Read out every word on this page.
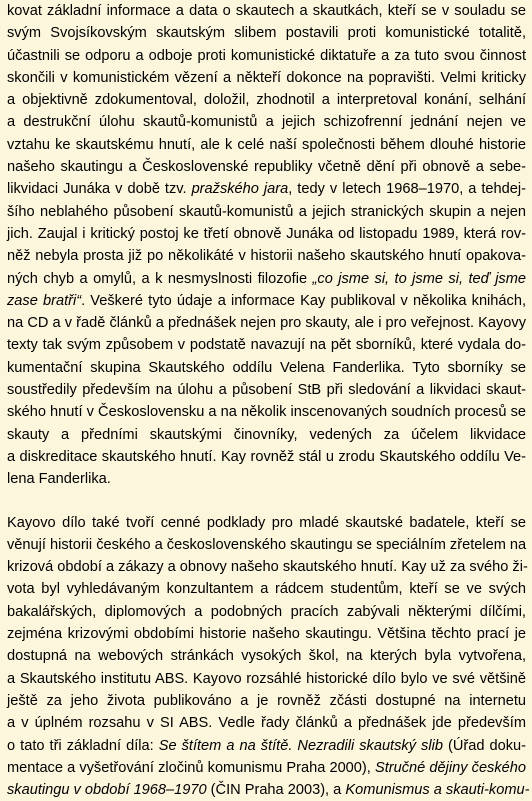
kovat základní informace a data o skautech a skautkách, kteří se v souladu se
svým Svojsíkovským skautským slibem postavili proti komunistické totalitě,
účastnili se odporu a odboje proti komunistické diktatuře a za tuto svou činnost
skončili v komunistickém vězení a někteří dokonce na popravišti. Velmi kriticky
a objektivně zdokumentoval, doložil, zhodnotil a interpretoval konání, selhání
a destrukční úlohu skautů-komunistů a jejich schizofrenní jednání nejen ve
vztahu ke skautskému hnutí, ale k celé naší společnosti během dlouhé historie
našeho skautingu a Československé republiky včetně dění při obnově a sebe-
likvidaci Junáka v době tzv. pražského jara, tedy v letech 1968–1970, a tehdej-
šího neblahého působení skautů-komunistů a jejich stranických skupin a nejen
jich. Zaujal i kritický postoj ke třetí obnově Junáka od listopadu 1989, která rov-
něž nebyla prosta již po několikáté v historii našeho skautského hnutí opakova-
ných chyb a omylů, a k nesmyslnosti filozofie „co jsme si, to jsme si, teď jsme
zase bratři“. Veškeré tyto údaje a informace Kay publikoval v několika knihách,
na CD a v řadě článků a přednášek nejen pro skauty, ale i pro veřejnost. Kayovy
texty tak svým způsobem v podstatě navazují na pět sborníků, které vydala do-
kumentační skupina Skautského oddílu Velena Fanderlika. Tyto sborníky se
soustředily především na úlohu a působení StB při sledování a likvidaci skaut-
ského hnutí v Československu a na několik inscenovaných soudních procesů se
skauty a předními skautskými činovníky, vedených za účelem likvidace
a diskreditace skautského hnutí. Kay rovněž stál u zrodu Skautského oddílu Ve-
lena Fanderlika.
Kayovo dílo také tvoří cenné podklady pro mladé skautské badatele, kteří se
věnují historii českého a československého skautingu se speciálním zřetelem na
krizová období a zákazy a obnovy našeho skautského hnutí. Kay už za svého ži-
vota byl vyhledávaným konzultantem a rádcem studentům, kteří se ve svých
bakalářských, diplomových a podobných pracích zabývali některými dílčími,
zejména krizovými obdobími historie našeho skautingu. Většina těchto prací je
dostupná na webových stránkách vysokých škol, na kterých byla vytvořena,
a Skautského institutu ABS. Kayovo rozsáhlé historické dílo bylo ve své většině
ještě za jeho života publikováno a je rovněž zčásti dostupné na internetu
a v úplném rozsahu v SI ABS. Vedle řady článků a přednášek jde především
o tato tři základní díla: Se štítem a na štítě. Nezradili skautský slib (Úřad doku-
mentace a vyšetřování zločinů komunismu Praha 2000), Stručné dějiny českého
skautingu v období 1968–1970 (ČIN Praha 2003), a Komunismus a skauti-komu-
